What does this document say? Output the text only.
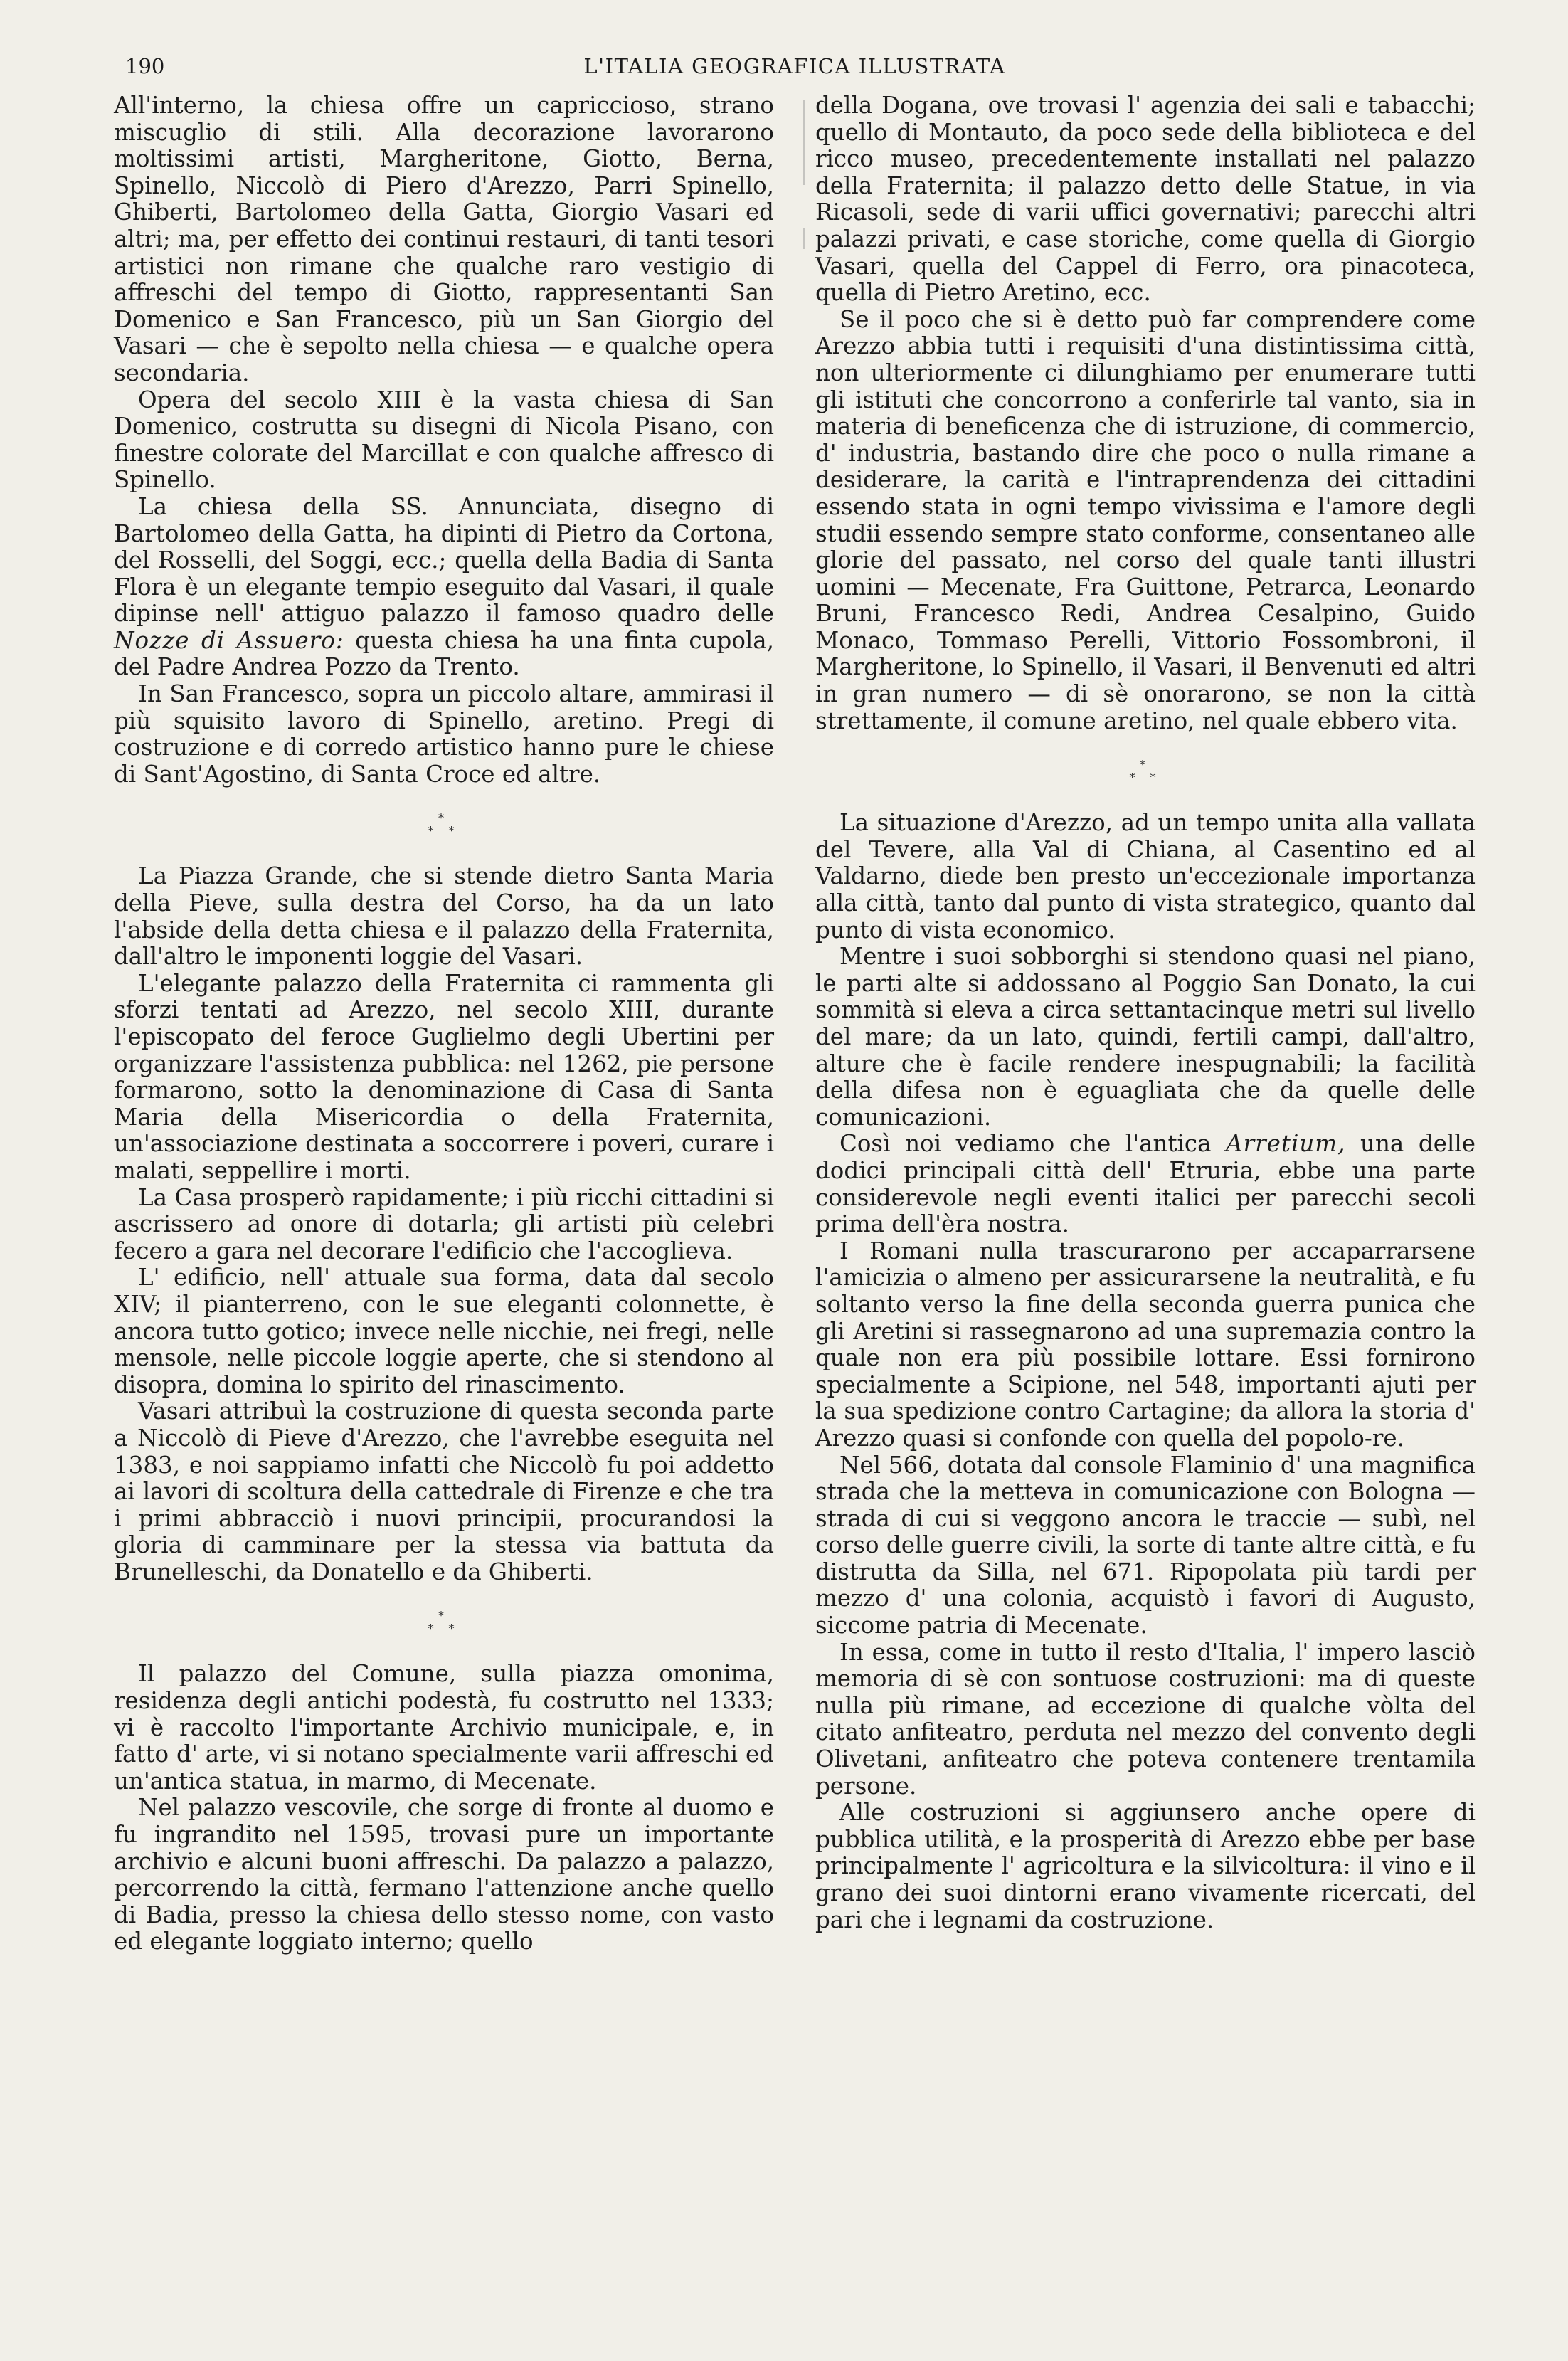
190	L'ITALIA GEOGRAFICA ILLUSTRATA

All'interno, la chiesa offre un capriccioso, strano miscuglio di stili. Alla decorazione lavorarono moltissimi artisti, Margheritone, Giotto, Berna, Spinello, Niccolò di Piero d'Arezzo, Parri Spinello, Ghiberti, Bartolomeo della Gatta, Giorgio Vasari ed altri; ma, per effetto dei continui restauri, di tanti tesori artistici non rimane che qualche raro vestigio di affreschi del tempo di Giotto, rappresentanti San Domenico e San Francesco, più un San Giorgio del Vasari — che è sepolto nella chiesa — e qualche opera secondaria.

Opera del secolo XIII è la vasta chiesa di San Domenico, costrutta su disegni di Nicola Pisano, con finestre colorate del Marcillat e con qualche affresco di Spinello.

La chiesa della SS. Annunciata, disegno di Bartolomeo della Gatta, ha dipinti di Pietro da Cortona, del Rosselli, del Soggi, ecc.; quella della Badia di Santa Flora è un elegante tempio eseguito dal Vasari, il quale dipinse nell' attiguo palazzo il famoso quadro delle Nozze di Assuero: questa chiesa ha una finta cupola, del Padre Andrea Pozzo da Trento.

In San Francesco, sopra un piccolo altare, ammirasi il più squisito lavoro di Spinello, aretino. Pregi di costruzione e di corredo artistico hanno pure le chiese di Sant'Agostino, di Santa Croce ed altre.

*
* *

La Piazza Grande, che si stende dietro Santa Maria della Pieve, sulla destra del Corso, ha da un lato l'abside della detta chiesa e il palazzo della Fraternita, dall'altro le imponenti loggie del Vasari.

L'elegante palazzo della Fraternita ci rammenta gli sforzi tentati ad Arezzo, nel secolo XIII, durante l'episcopato del feroce Guglielmo degli Ubertini per organizzare l'assistenza pubblica: nel 1262, pie persone formarono, sotto la denominazione di Casa di Santa Maria della Misericordia o della Fraternita, un'associazione destinata a soccorrere i poveri, curare i malati, seppellire i morti.

La Casa prosperò rapidamente; i più ricchi cittadini si ascrissero ad onore di dotarla; gli artisti più celebri fecero a gara nel decorare l'edificio che l'accoglieva.

L' edificio, nell' attuale sua forma, data dal secolo XIV; il pianterreno, con le sue eleganti colonnette, è ancora tutto gotico; invece nelle nicchie, nei fregi, nelle mensole, nelle piccole loggie aperte, che si stendono al disopra, domina lo spirito del rinascimento.

Vasari attribuì la costruzione di questa seconda parte a Niccolò di Pieve d'Arezzo, che l'avrebbe eseguita nel 1383, e noi sappiamo infatti che Niccolò fu poi addetto ai lavori di scoltura della cattedrale di Firenze e che tra i primi abbracciò i nuovi principii, procurandosi la gloria di camminare per la stessa via battuta da Brunelleschi, da Donatello e da Ghiberti.

*
* *

Il palazzo del Comune, sulla piazza omonima, residenza degli antichi podestà, fu costrutto nel 1333; vi è raccolto l'importante Archivio municipale, e, in fatto d' arte, vi si notano specialmente varii affreschi ed un'antica statua, in marmo, di Mecenate.

Nel palazzo vescovile, che sorge di fronte al duomo e fu ingrandito nel 1595, trovasi pure un importante archivio e alcuni buoni affreschi. Da palazzo a palazzo, percorrendo la città, fermano l'attenzione anche quello di Badia, presso la chiesa dello stesso nome, con vasto ed elegante loggiato interno; quello

della Dogana, ove trovasi l' agenzia dei sali e tabacchi; quello di Montauto, da poco sede della biblioteca e del ricco museo, precedentemente installati nel palazzo della Fraternita; il palazzo detto delle Statue, in via Ricasoli, sede di varii uffici governativi; parecchi altri palazzi privati, e case storiche, come quella di Giorgio Vasari, quella del Cappel di Ferro, ora pinacoteca, quella di Pietro Aretino, ecc.

Se il poco che si è detto può far comprendere come Arezzo abbia tutti i requisiti d'una distintissima città, non ulteriormente ci dilunghiamo per enumerare tutti gli istituti che concorrono a conferirle tal vanto, sia in materia di beneficenza che di istruzione, di commercio, d' industria, bastando dire che poco o nulla rimane a desiderare, la carità e l'intraprendenza dei cittadini essendo stata in ogni tempo vivissima e l'amore degli studii essendo sempre stato conforme, consentaneo alle glorie del passato, nel corso del quale tanti illustri uomini — Mecenate, Fra Guittone, Petrarca, Leonardo Bruni, Francesco Redi, Andrea Cesalpino, Guido Monaco, Tommaso Perelli, Vittorio Fossombroni, il Margheritone, lo Spinello, il Vasari, il Benvenuti ed altri in gran numero — di sè onorarono, se non la città strettamente, il comune aretino, nel quale ebbero vita.

*
* *

La situazione d'Arezzo, ad un tempo unita alla vallata del Tevere, alla Val di Chiana, al Casentino ed al Valdarno, diede ben presto un'eccezionale importanza alla città, tanto dal punto di vista strategico, quanto dal punto di vista economico.

Mentre i suoi sobborghi si stendono quasi nel piano, le parti alte si addossano al Poggio San Donato, la cui sommità si eleva a circa settantacinque metri sul livello del mare; da un lato, quindi, fertili campi, dall'altro, alture che è facile rendere inespugnabili; la facilità della difesa non è eguagliata che da quelle delle comunicazioni.

Così noi vediamo che l'antica Arretium, una delle dodici principali città dell' Etruria, ebbe una parte considerevole negli eventi italici per parecchi secoli prima dell'èra nostra.

I Romani nulla trascurarono per accaparrarsene l'amicizia o almeno per assicurarsene la neutralità, e fu soltanto verso la fine della seconda guerra punica che gli Aretini si rassegnarono ad una supremazia contro la quale non era più possibile lottare. Essi fornirono specialmente a Scipione, nel 548, importanti ajuti per la sua spedizione contro Cartagine; da allora la storia d' Arezzo quasi si confonde con quella del popolo-re.

Nel 566, dotata dal console Flaminio d' una magnifica strada che la metteva in comunicazione con Bologna — strada di cui si veggono ancora le traccie — subì, nel corso delle guerre civili, la sorte di tante altre città, e fu distrutta da Silla, nel 671. Ripopolata più tardi per mezzo d' una colonia, acquistò i favori di Augusto, siccome patria di Mecenate.

In essa, come in tutto il resto d'Italia, l' impero lasciò memoria di sè con sontuose costruzioni: ma di queste nulla più rimane, ad eccezione di qualche vòlta del citato anfiteatro, perduta nel mezzo del convento degli Olivetani, anfiteatro che poteva contenere trentamila persone.

Alle costruzioni si aggiunsero anche opere di pubblica utilità, e la prosperità di Arezzo ebbe per base principalmente l' agricoltura e la silvicoltura: il vino e il grano dei suoi dintorni erano vivamente ricercati, del pari che i legnami da costruzione.
